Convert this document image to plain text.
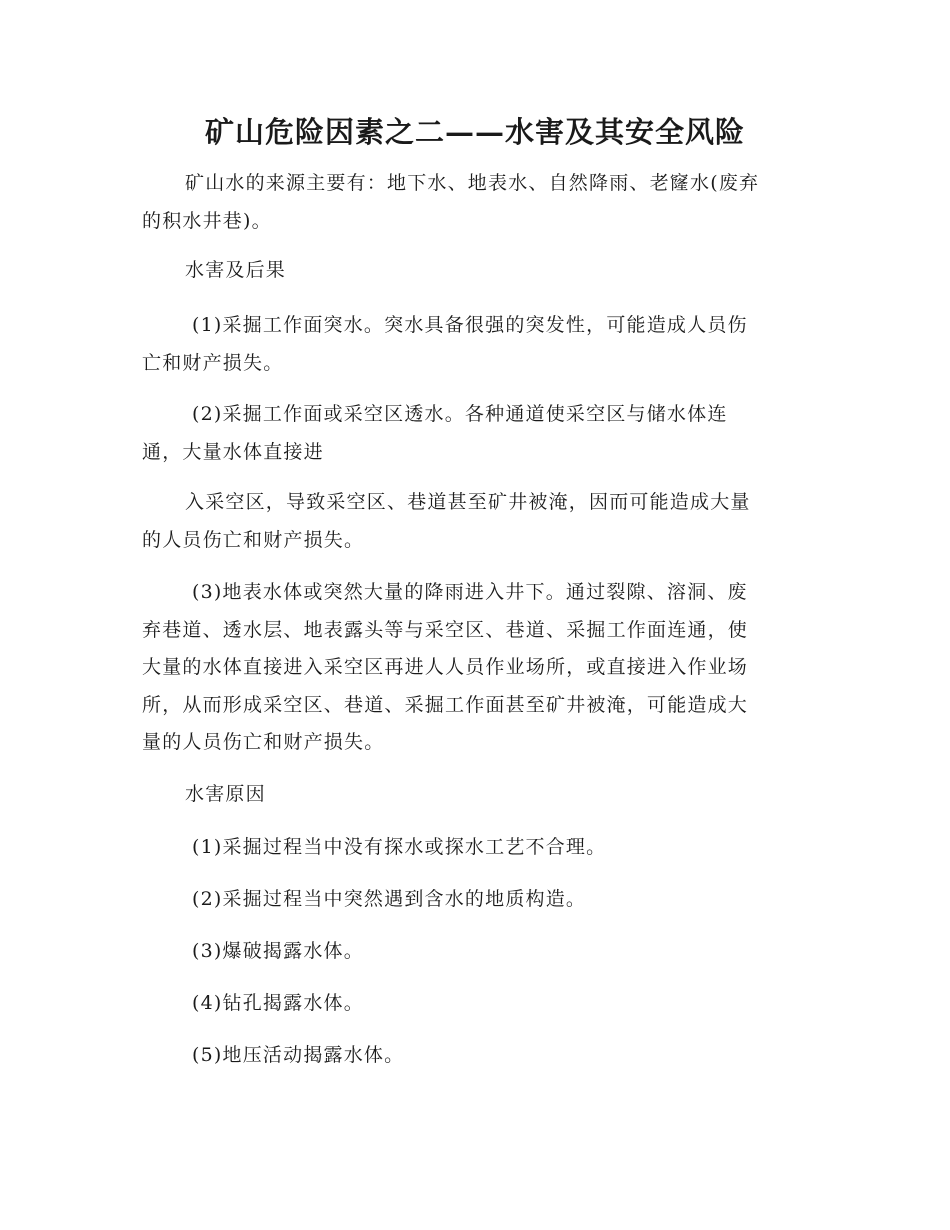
矿山危险因素之二——水害及其安全风险

矿山水的来源主要有：地下水、地表水、自然降雨、老窿水(废弃
的积水井巷)。

水害及后果

(1)采掘工作面突水。突水具备很强的突发性，可能造成人员伤
亡和财产损失。

(2)采掘工作面或采空区透水。各种通道使采空区与储水体连
通，大量水体直接进

入采空区，导致采空区、巷道甚至矿井被淹，因而可能造成大量
的人员伤亡和财产损失。

(3)地表水体或突然大量的降雨进入井下。通过裂隙、溶洞、废
弃巷道、透水层、地表露头等与采空区、巷道、采掘工作面连通，使
大量的水体直接进入采空区再进人人员作业场所，或直接进入作业场
所，从而形成采空区、巷道、采掘工作面甚至矿井被淹，可能造成大
量的人员伤亡和财产损失。

水害原因

(1)采掘过程当中没有探水或探水工艺不合理。

(2)采掘过程当中突然遇到含水的地质构造。

(3)爆破揭露水体。

(4)钻孔揭露水体。

(5)地压活动揭露水体。
